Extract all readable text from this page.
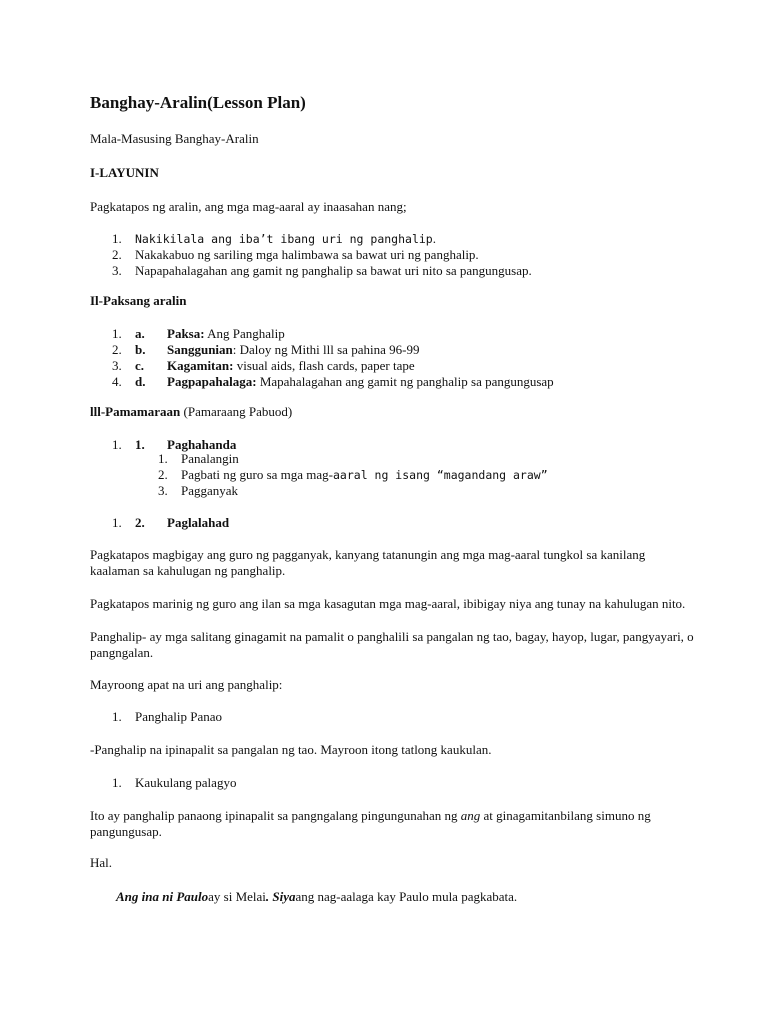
Banghay-Aralin(Lesson Plan)
Mala-Masusing Banghay-Aralin
I-LAYUNIN
Pagkatapos ng aralin, ang mga mag-aaral ay inaasahan nang;
1.	Nakikilala ang iba’t ibang uri ng panghalip.
2.	Nakakabuo ng sariling mga halimbawa sa bawat uri ng panghalip.
3.	Napapahalagahan ang gamit ng panghalip sa bawat uri nito sa pangungusap.
Il-Paksang aralin
1.	a. Paksa: Ang Panghalip
2.	b. Sanggunian: Daloy ng Mithi lll sa pahina 96-99
3.	c. Kagamitan: visual aids, flash cards, paper tape
4.	d. Pagpapahalaga: Mapahalagahan ang gamit ng panghalip sa pangungusap
lll-Pamamaraan (Pamaraang Pabuod)
1.	1. Paghahanda
1.	Panalangin
2.	Pagbati ng guro sa mga mag-aaral ng isang “magandang araw”
3.	Pagganyak
1.	2. Paglalahad
Pagkatapos magbigay ang guro ng pagganyak, kanyang tatanungin ang mga mag-aaral tungkol sa kanilang
kaalaman sa kahulugan ng panghalip.
Pagkatapos marinig ng guro ang ilan sa mga kasagutan mga mag-aaral, ibibigay niya ang tunay na kahulugan nito.
Panghalip- ay mga salitang ginagamit na pamalit o panghalili sa pangalan ng tao, bagay, hayop, lugar, pangyayari, o
pangngalan.
Mayroong apat na uri ang panghalip:
1.	Panghalip Panao
-Panghalip na ipinapalit sa pangalan ng tao. Mayroon itong tatlong kaukulan.
1.	Kaukulang palagyo
Ito ay panghalip panaong ipinapalit sa pangngalang pingungunahan ng ang at ginagamitanbilang simuno ng
pangungusap.
Hal.
Ang ina ni Pauloay si Melai. Siyaang nag-aalaga kay Paulo mula pagkabata.
